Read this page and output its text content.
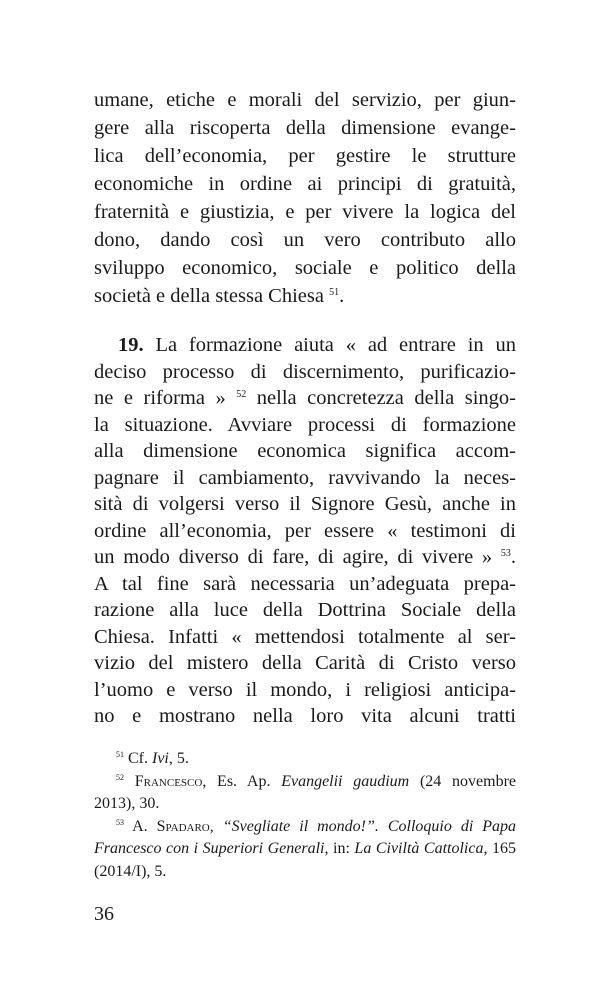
umane, etiche e morali del servizio, per giun-
gere alla riscoperta della dimensione evange-
lica dell’economia, per gestire le strutture
economiche in ordine ai principi di gratuità,
fraternità e giustizia, e per vivere la logica del
dono, dando così un vero contributo allo
sviluppo economico, sociale e politico della
società e della stessa Chiesa $^{51}$.
19. La formazione aiuta « ad entrare in un
deciso processo di discernimento, purificazio-
ne e riforma » $^{52}$ nella concretezza della singo-
la situazione. Avviare processi di formazione
alla dimensione economica significa accom-
pagnare il cambiamento, ravvivando la neces-
sità di volgersi verso il Signore Gesù, anche in
ordine all’economia, per essere « testimoni di
un modo diverso di fare, di agire, di vivere » $^{53}$.
A tal fine sarà necessaria un’adeguata prepa-
razione alla luce della Dottrina Sociale della
Chiesa. Infatti « mettendosi totalmente al ser-
vizio del mistero della Carità di Cristo verso
l’uomo e verso il mondo, i religiosi anticipa-
no e mostrano nella loro vita alcuni tratti
$^{51}$ Cf. Ivi, 5.
$^{52}$ Francesco, Es. Ap. Evangelii gaudium (24 novembre
2013), 30.
$^{53}$ A. Spadaro, “Svegliate il mondo!”. Colloquio di Papa
Francesco con i Superiori Generali, in: La Civiltà Cattolica, 165
(2014/I), 5.
36
